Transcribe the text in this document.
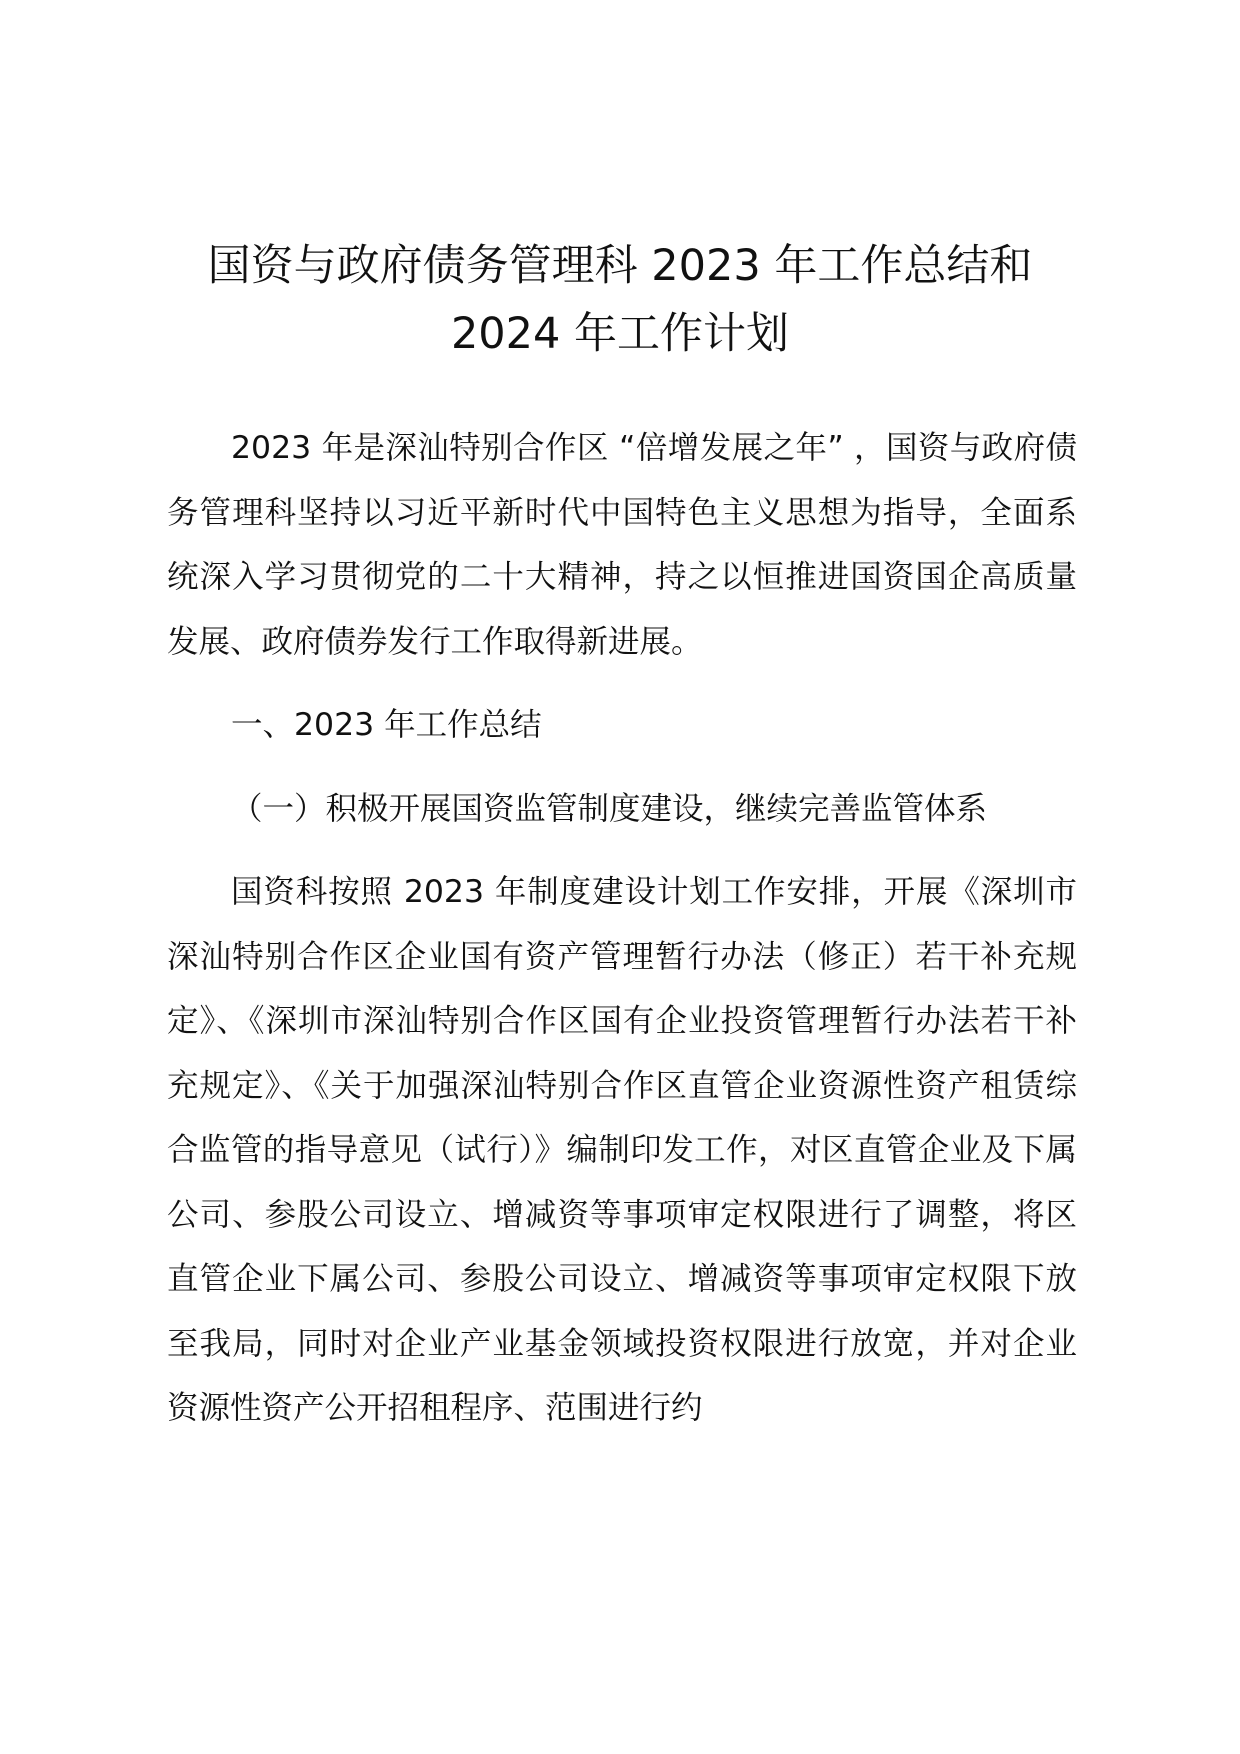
国资与政府债务管理科 2023 年工作总结和
2024 年工作计划

2023 年是深汕特别合作区 “倍增发展之年” ，国资与政府债务管理科坚持以习近平新时代中国特色主义思想为指导，全面系统深入学习贯彻党的二十大精神，持之以恒推进国资国企高质量发展、政府债券发行工作取得新进展。

一、2023 年工作总结

（一）积极开展国资监管制度建设，继续完善监管体系

国资科按照 2023 年制度建设计划工作安排，开展《深圳市深汕特别合作区企业国有资产管理暂行办法（修正）若干补充规定》、《深圳市深汕特别合作区国有企业投资管理暂行办法若干补充规定》、《关于加强深汕特别合作区直管企业资源性资产租赁综合监管的指导意见（试行）》编制印发工作，对区直管企业及下属公司、参股公司设立、增减资等事项审定权限进行了调整，将区直管企业下属公司、参股公司设立、增减资等事项审定权限下放至我局，同时对企业产业基金领域投资权限进行放宽，并对企业资源性资产公开招租程序、范围进行约
